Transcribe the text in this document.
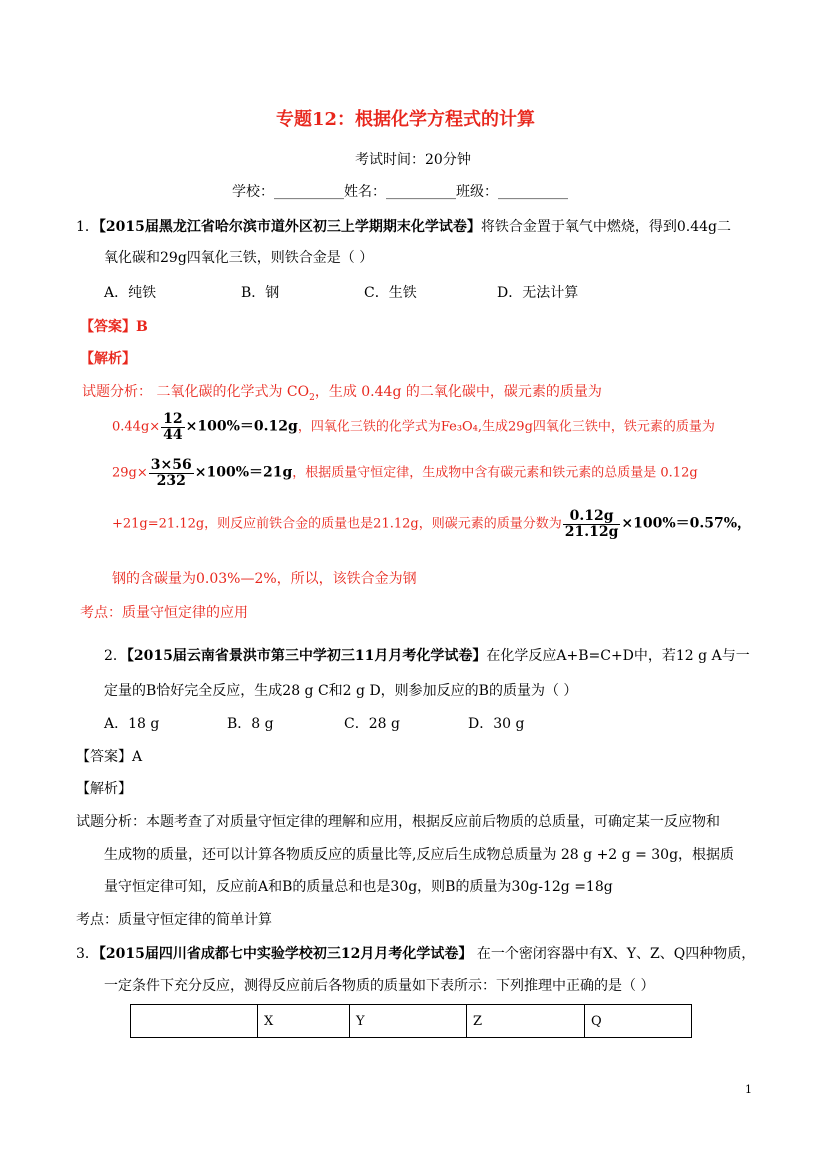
专题12：根据化学方程式的计算
考试时间：20分钟
学校：__________姓名：__________班级：__________
1．【2015届黑龙江省哈尔滨市道外区初三上学期期末化学试卷】将铁合金置于氧气中燃烧，得到0.44g二
氧化碳和29g四氧化三铁，则铁合金是（ ）
A．纯铁	B．钢	C．生铁	D．无法计算
【答案】B
【解析】
试题分析： 二氧化碳的化学式为 $CO_2$，生成 0.44g 的二氧化碳中，碳元素的质量为
$0.44g\times \frac{12}{44} \times 100\%=0.12g$，四氧化三铁的化学式为Fe₃O₄,生成29g四氧化三铁中，铁元素的质量为
$29g\times \frac{3\times 56}{232} \times 100\%=21g$，根据质量守恒定律，生成物中含有碳元素和铁元素的总质量是 0.12g
+21g=21.12g，则反应前铁合金的质量也是21.12g，则碳元素的质量分数为 $\frac{0.12g}{21.12g} \times 100\%=0.57\%$，
钢的含碳量为0.03%—2%，所以，该铁合金为钢
考点：质量守恒定律的应用
2．【2015届云南省景洪市第三中学初三11月月考化学试卷】在化学反应A+B=C+D中，若12 g A与一
定量的B恰好完全反应，生成28 g C和2 g D，则参加反应的B的质量为（ ）
A．18 g	B．8 g	C．28 g	D．30 g
【答案】A
【解析】
试题分析：本题考查了对质量守恒定律的理解和应用，根据反应前后物质的总质量，可确定某一反应物和
生成物的质量，还可以计算各物质反应的质量比等,反应后生成物总质量为 28 g +2 g = 30g，根据质
量守恒定律可知，反应前A和B的质量总和也是30g，则B的质量为30g-12g =18g
考点：质量守恒定律的简单计算
3．【2015届四川省成都七中实验学校初三12月月考化学试卷】 在一个密闭容器中有X、Y、Z、Q四种物质，
一定条件下充分反应，测得反应前后各物质的质量如下表所示：下列推理中正确的是（ ）
	X	Y	Z	Q
1
